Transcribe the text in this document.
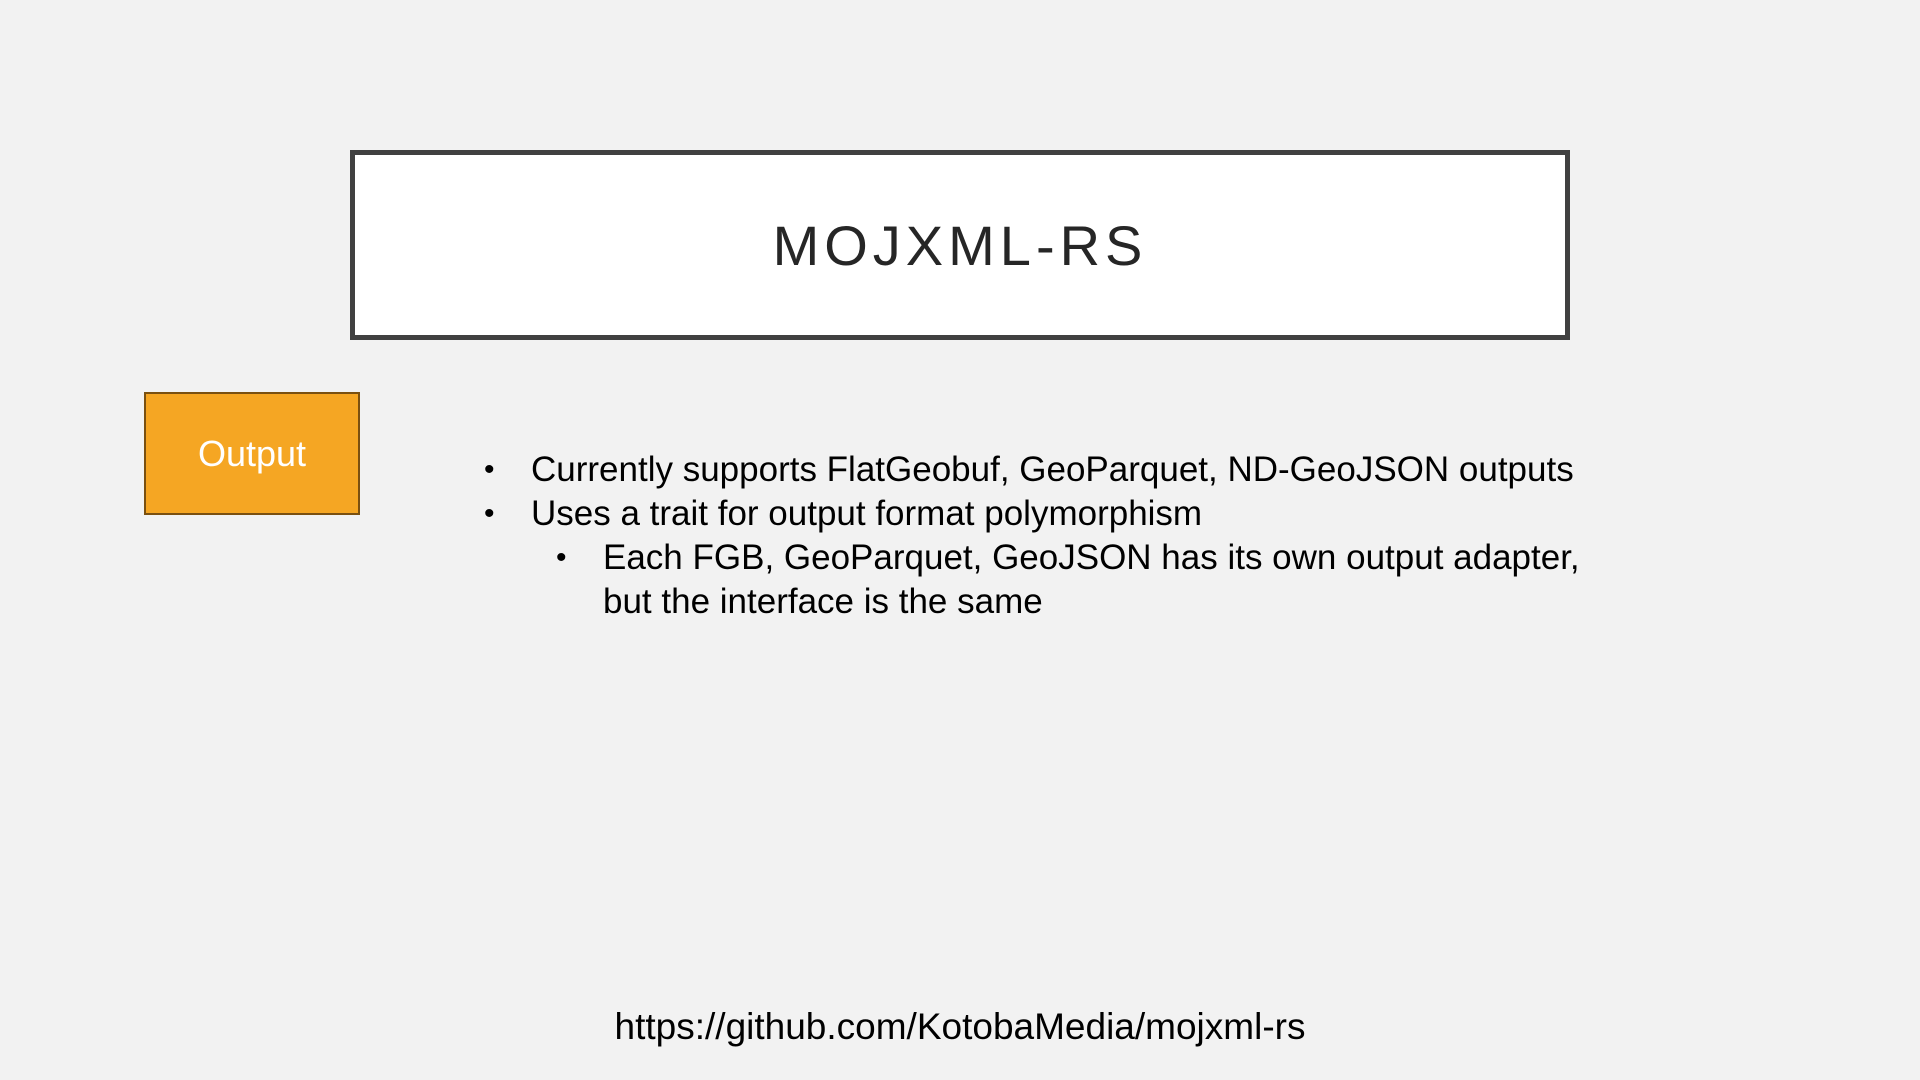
MOJXML-RS
Output	• Currently supports FlatGeobuf, GeoParquet, ND-GeoJSON outputs
• Uses a trait for output format polymorphism
• Each FGB, GeoParquet, GeoJSON has its own output adapter, but the interface is the same
https://github.com/KotobaMedia/mojxml-rs
